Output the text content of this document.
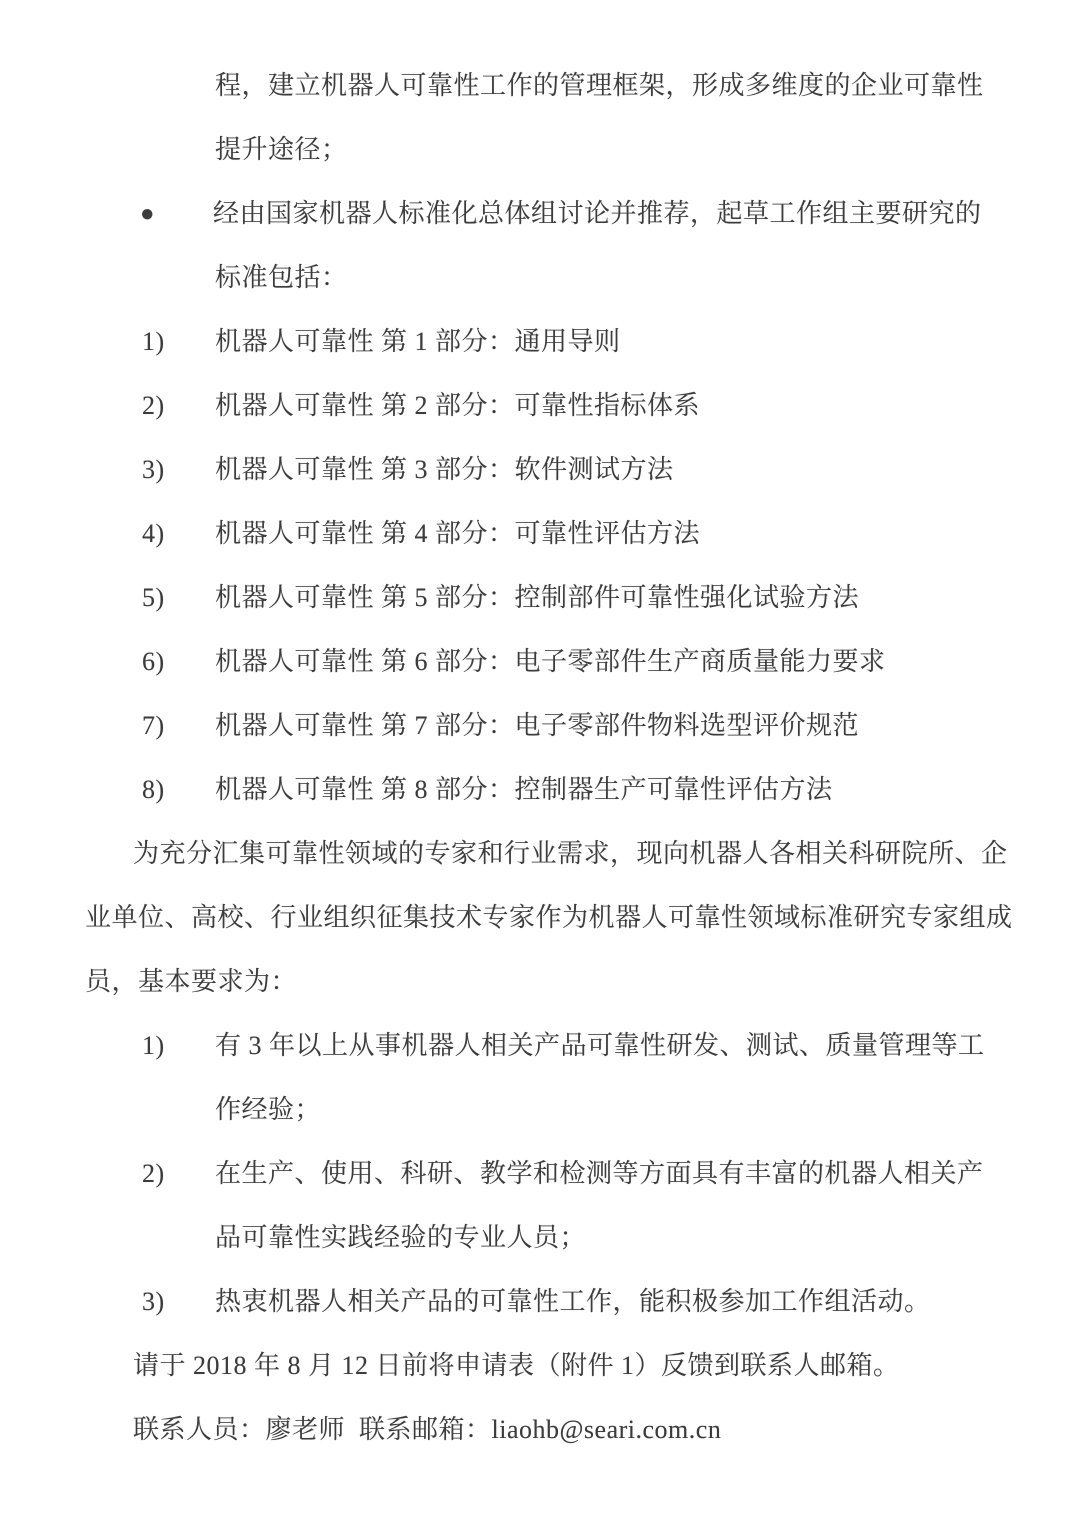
程，建立机器人可靠性工作的管理框架，形成多维度的企业可靠性
提升途径；
●	经由国家机器人标准化总体组讨论并推荐，起草工作组主要研究的
标准包括：
1)	机器人可靠性 第 1 部分：通用导则
2)	机器人可靠性 第 2 部分：可靠性指标体系
3)	机器人可靠性 第 3 部分：软件测试方法
4)	机器人可靠性 第 4 部分：可靠性评估方法
5)	机器人可靠性 第 5 部分：控制部件可靠性强化试验方法
6)	机器人可靠性 第 6 部分：电子零部件生产商质量能力要求
7)	机器人可靠性 第 7 部分：电子零部件物料选型评价规范
8)	机器人可靠性 第 8 部分：控制器生产可靠性评估方法
为充分汇集可靠性领域的专家和行业需求，现向机器人各相关科研院所、企
业单位、高校、行业组织征集技术专家作为机器人可靠性领域标准研究专家组成
员，基本要求为：
1)	有 3 年以上从事机器人相关产品可靠性研发、测试、质量管理等工
作经验；
2)	在生产、使用、科研、教学和检测等方面具有丰富的机器人相关产
品可靠性实践经验的专业人员；
3)	热衷机器人相关产品的可靠性工作，能积极参加工作组活动。
请于 2018 年 8 月 12 日前将申请表（附件 1）反馈到联系人邮箱。
联系人员：廖老师  联系邮箱：liaohb@seari.com.cn
